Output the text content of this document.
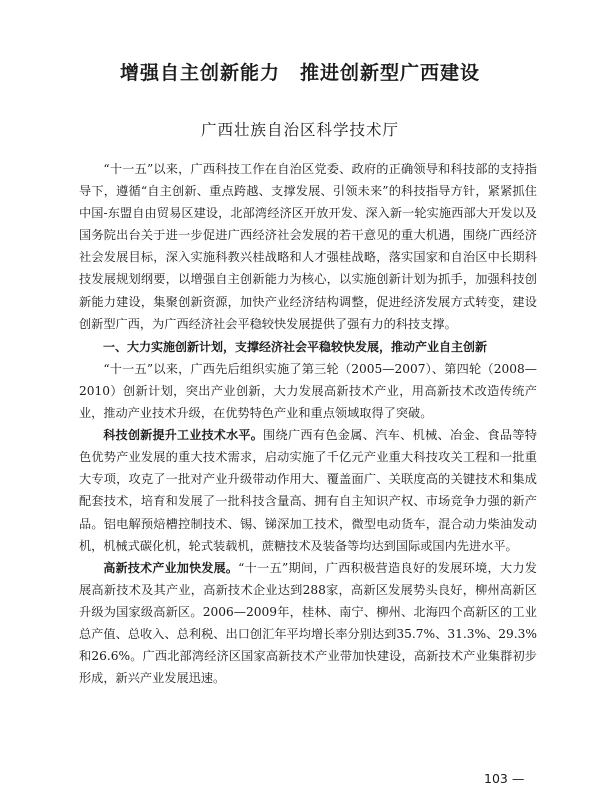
增强自主创新能力　推进创新型广西建设
广西壮族自治区科学技术厅

“十一五”以来，广西科技工作在自治区党委、政府的正确领导和科技部的支持指导下，遵循“自主创新、重点跨越、支撑发展、引领未来”的科技指导方针，紧紧抓住中国-东盟自由贸易区建设，北部湾经济区开放开发、深入新一轮实施西部大开发以及国务院出台关于进一步促进广西经济社会发展的若干意见的重大机遇，围绕广西经济社会发展目标，深入实施科教兴桂战略和人才强桂战略，落实国家和自治区中长期科技发展规划纲要，以增强自主创新能力为核心，以实施创新计划为抓手，加强科技创新能力建设，集聚创新资源，加快产业经济结构调整，促进经济发展方式转变，建设创新型广西，为广西经济社会平稳较快发展提供了强有力的科技支撑。

一、大力实施创新计划，支撑经济社会平稳较快发展，推动产业自主创新

“十一五”以来，广西先后组织实施了第三轮（2005—2007）、第四轮（2008—2010）创新计划，突出产业创新，大力发展高新技术产业，用高新技术改造传统产业，推动产业技术升级，在优势特色产业和重点领域取得了突破。

科技创新提升工业技术水平。围绕广西有色金属、汽车、机械、冶金、食品等特色优势产业发展的重大技术需求，启动实施了千亿元产业重大科技攻关工程和一批重大专项，攻克了一批对产业升级带动作用大、覆盖面广、关联度高的关键技术和集成配套技术，培育和发展了一批科技含量高、拥有自主知识产权、市场竞争力强的新产品。铝电解预焙槽控制技术、锡、锑深加工技术，微型电动货车，混合动力柴油发动机，机械式碳化机，轮式装载机，蔗糖技术及装备等均达到国际或国内先进水平。

高新技术产业加快发展。“十一五”期间，广西积极营造良好的发展环境，大力发展高新技术及其产业，高新技术企业达到288家，高新区发展势头良好，柳州高新区升级为国家级高新区。2006—2009年，桂林、南宁、柳州、北海四个高新区的工业总产值、总收入、总利税、出口创汇年平均增长率分别达到35.7%、31.3%、29.3%和26.6%。广西北部湾经济区国家高新技术产业带加快建设，高新技术产业集群初步形成，新兴产业发展迅速。

103 —
